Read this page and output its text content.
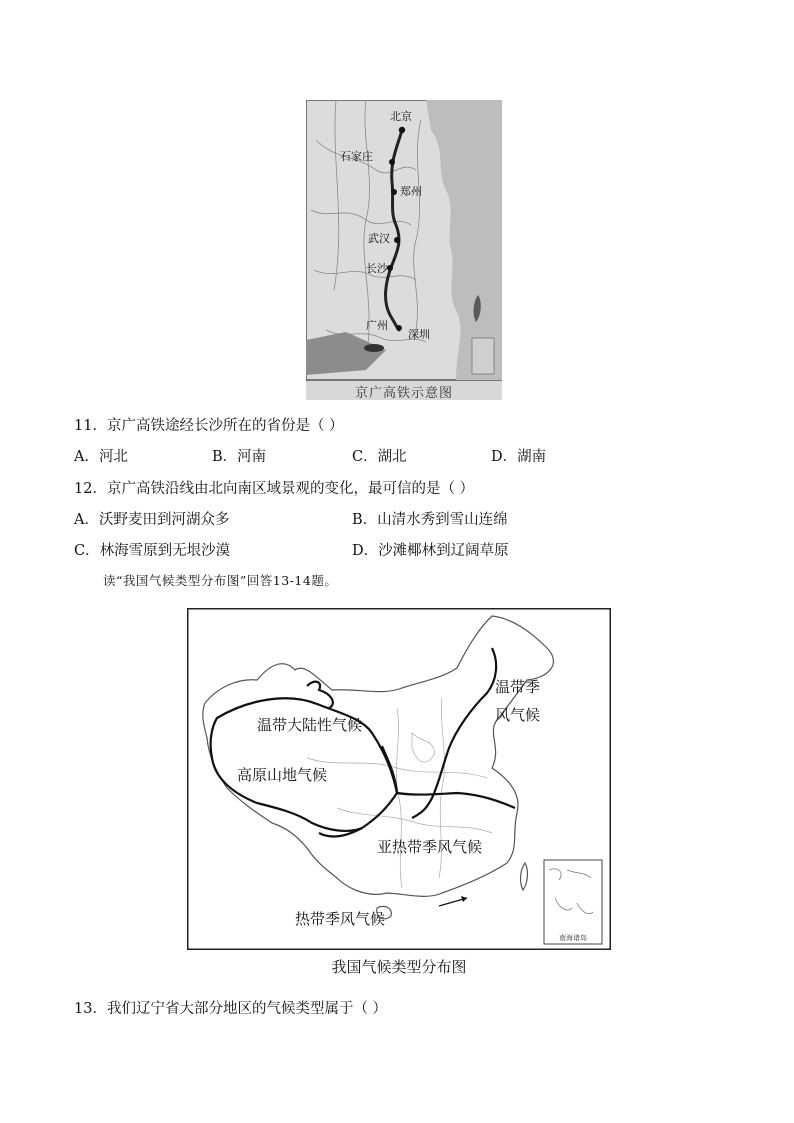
北京
石家庄
郑州
武汉
长沙
广州
深圳
京广高铁示意图
11．京广高铁途经长沙所在的省份是（ ）
A．河北	B．河南	C．湖北	D．湖南
12．京广高铁沿线由北向南区域景观的变化，最可信的是（ ）
A．沃野麦田到河湖众多	B．山清水秀到雪山连绵
C．林海雪原到无垠沙漠	D．沙滩椰林到辽阔草原
读“我国气候类型分布图”回答13-14题。
南海诸岛
温带季
风气候
温带大陆性气候
高原山地气候
亚热带季风气候
热带季风气候
我国气候类型分布图
13．我们辽宁省大部分地区的气候类型属于（ ）
